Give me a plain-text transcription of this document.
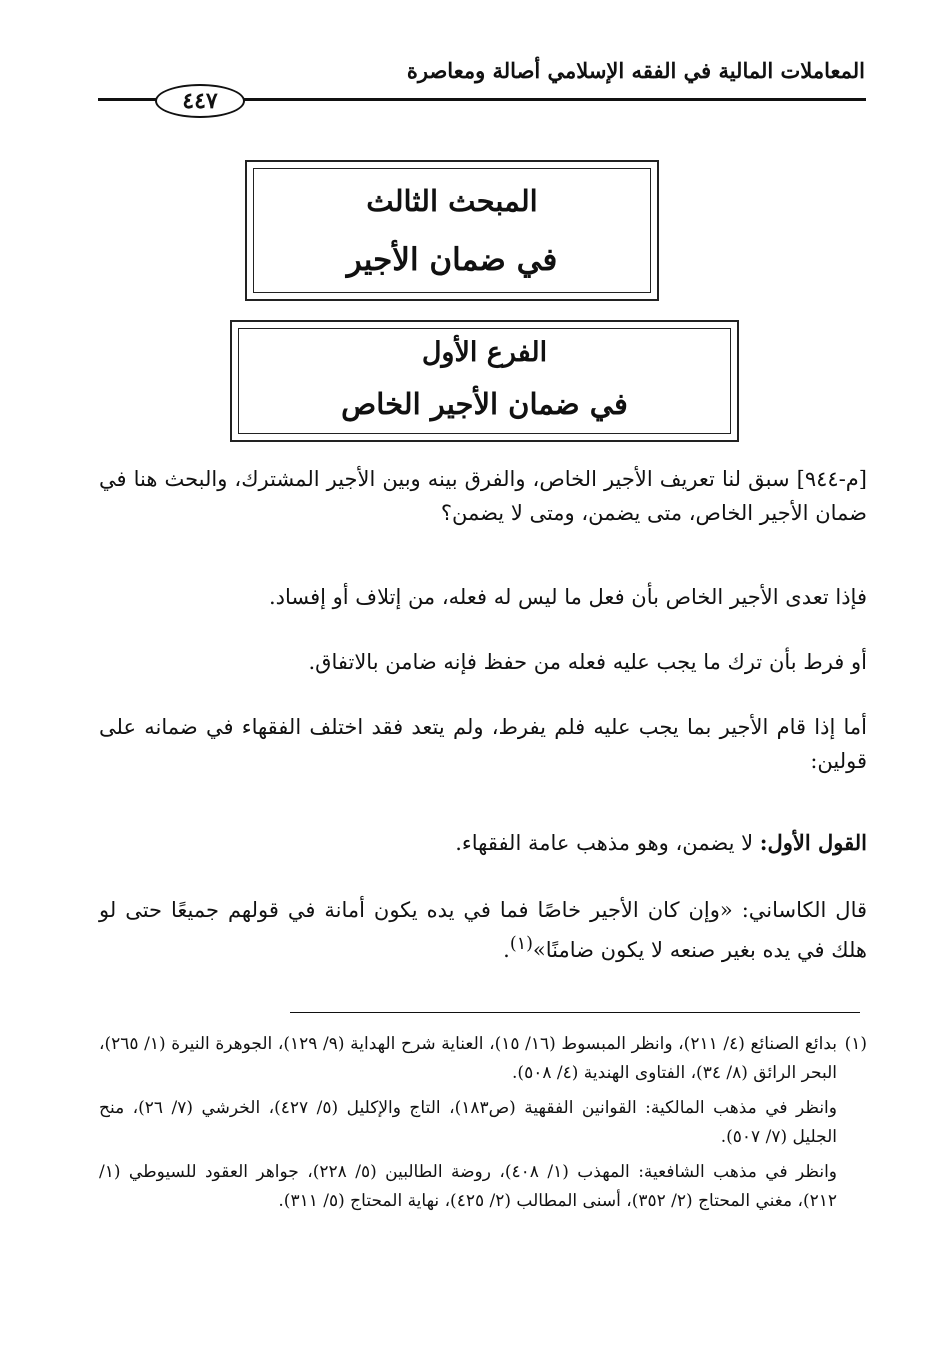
المعاملات المالية في الفقه الإسلامي أصالة ومعاصرة
٤٤٧
المبحث الثالث
في ضمان الأجير
الفرع الأول
في ضمان الأجير الخاص
[م-٩٤٤] سبق لنا تعريف الأجير الخاص، والفرق بينه وبين الأجير المشترك، والبحث هنا في ضمان الأجير الخاص، متى يضمن، ومتى لا يضمن؟
فإذا تعدى الأجير الخاص بأن فعل ما ليس له فعله، من إتلاف أو إفساد.
أو فرط بأن ترك ما يجب عليه فعله من حفظ فإنه ضامن بالاتفاق.
أما إذا قام الأجير بما يجب عليه فلم يفرط، ولم يتعد فقد اختلف الفقهاء في ضمانه على قولين:
القول الأول: لا يضمن، وهو مذهب عامة الفقهاء.
قال الكاساني: «وإن كان الأجير خاصًا فما في يده يكون أمانة في قولهم جميعًا حتى لو هلك في يده بغير صنعه لا يكون ضامنًا»$^{(١)}$.
(١)بدائع الصنائع (٤/ ٢١١)، وانظر المبسوط (١٦/ ١٥)، العناية شرح الهداية (٩/ ١٢٩)، الجوهرة النيرة (١/ ٢٦٥)، البحر الرائق (٨/ ٣٤)، الفتاوى الهندية (٤/ ٥٠٨).
وانظر في مذهب المالكية: القوانين الفقهية (ص١٨٣)، التاج والإكليل (٥/ ٤٢٧)، الخرشي (٧/ ٢٦)، منح الجليل (٧/ ٥٠٧).
وانظر في مذهب الشافعية: المهذب (١/ ٤٠٨)، روضة الطالبين (٥/ ٢٢٨)، جواهر العقود للسيوطي (١/ ٢١٢)، مغني المحتاج (٢/ ٣٥٢)، أسنى المطالب (٢/ ٤٢٥)، نهاية المحتاج (٥/ ٣١١).
